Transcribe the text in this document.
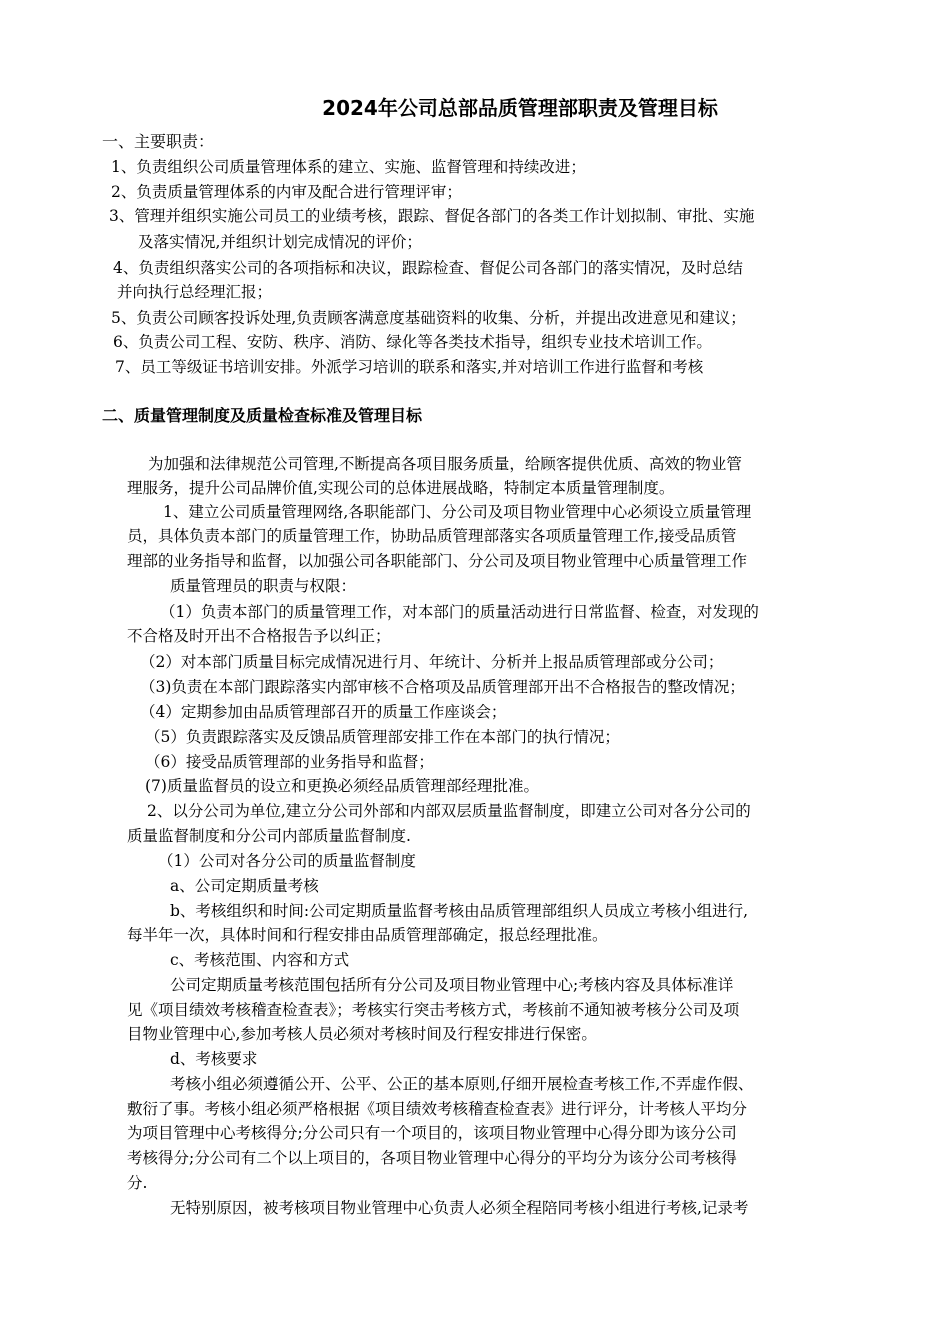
2024年公司总部品质管理部职责及管理目标
一、主要职责：
1、负责组织公司质量管理体系的建立、实施、监督管理和持续改进；
2、负责质量管理体系的内审及配合进行管理评审；
3、管理并组织实施公司员工的业绩考核，跟踪、督促各部门的各类工作计划拟制、审批、实施
及落实情况,并组织计划完成情况的评价；
4、负责组织落实公司的各项指标和决议，跟踪检查、督促公司各部门的落实情况，及时总结
并向执行总经理汇报；
5、负责公司顾客投诉处理,负责顾客满意度基础资料的收集、分析，并提出改进意见和建议；
6、负责公司工程、安防、秩序、消防、绿化等各类技术指导，组织专业技术培训工作。
7、员工等级证书培训安排。外派学习培训的联系和落实,并对培训工作进行监督和考核
二、质量管理制度及质量检查标准及管理目标
为加强和法律规范公司管理,不断提高各项目服务质量，给顾客提供优质、高效的物业管
理服务，提升公司品牌价值,实现公司的总体进展战略，特制定本质量管理制度。
1、建立公司质量管理网络,各职能部门、分公司及项目物业管理中心必须设立质量管理
员，具体负责本部门的质量管理工作，协助品质管理部落实各项质量管理工作,接受品质管
理部的业务指导和监督，以加强公司各职能部门、分公司及项目物业管理中心质量管理工作
质量管理员的职责与权限：
（1）负责本部门的质量管理工作，对本部门的质量活动进行日常监督、检查，对发现的
不合格及时开出不合格报告予以纠正；
（2）对本部门质量目标完成情况进行月、年统计、分析并上报品质管理部或分公司；
（3)负责在本部门跟踪落实内部审核不合格项及品质管理部开出不合格报告的整改情况；
（4）定期参加由品质管理部召开的质量工作座谈会；
（5）负责跟踪落实及反馈品质管理部安排工作在本部门的执行情况；
（6）接受品质管理部的业务指导和监督；
(7)质量监督员的设立和更换必须经品质管理部经理批准。
2、以分公司为单位,建立分公司外部和内部双层质量监督制度，即建立公司对各分公司的
质量监督制度和分公司内部质量监督制度.
（1）公司对各分公司的质量监督制度
a、公司定期质量考核
b、考核组织和时间:公司定期质量监督考核由品质管理部组织人员成立考核小组进行,
每半年一次，具体时间和行程安排由品质管理部确定，报总经理批准。
c、考核范围、内容和方式
公司定期质量考核范围包括所有分公司及项目物业管理中心;考核内容及具体标准详
见《项目绩效考核稽查检查表》；考核实行突击考核方式，考核前不通知被考核分公司及项
目物业管理中心,参加考核人员必须对考核时间及行程安排进行保密。
d、考核要求
考核小组必须遵循公开、公平、公正的基本原则,仔细开展检查考核工作,不弄虚作假、
敷衍了事。考核小组必须严格根据《项目绩效考核稽查检查表》进行评分，计考核人平均分
为项目管理中心考核得分;分公司只有一个项目的，该项目物业管理中心得分即为该分公司
考核得分;分公司有二个以上项目的，各项目物业管理中心得分的平均分为该分公司考核得
分.
无特别原因，被考核项目物业管理中心负责人必须全程陪同考核小组进行考核,记录考
